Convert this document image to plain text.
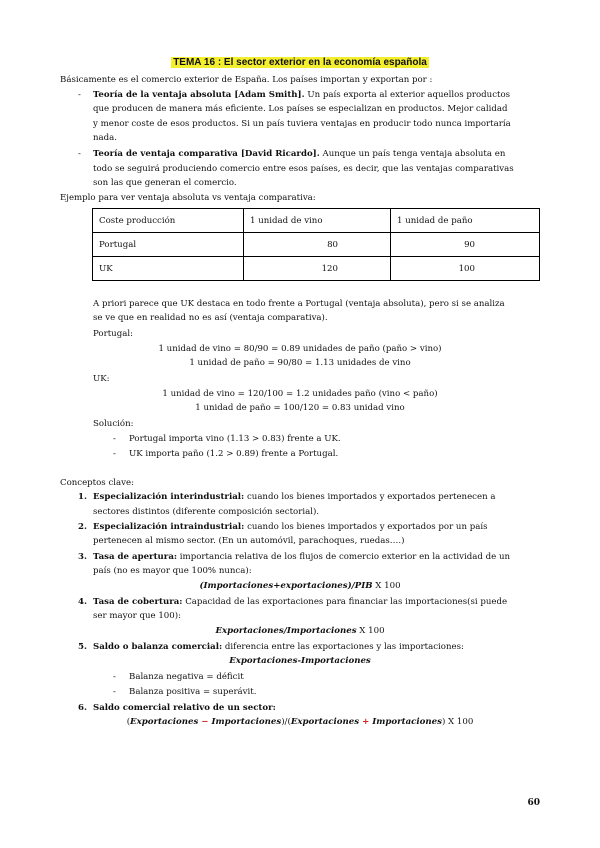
TEMA 16 : El sector exterior en la economía española
Básicamente es el comercio exterior de España. Los países importan y exportan por :
- Teoría de la ventaja absoluta [Adam Smith]. Un país exporta al exterior aquellos productos
que producen de manera más eficiente. Los países se especializan en productos. Mejor calidad
y menor coste de esos productos. Si un país tuviera ventajas en producir todo nunca importaría
nada.
- Teoría de ventaja comparativa [David Ricardo]. Aunque un país tenga ventaja absoluta en
todo se seguirá produciendo comercio entre esos países, es decir, que las ventajas comparativas
son las que generan el comercio.
Ejemplo para ver ventaja absoluta vs ventaja comparativa:
Coste producción	1 unidad de vino	1 unidad de paño
Portugal	80	90
UK	120	100
A priori parece que UK destaca en todo frente a Portugal (ventaja absoluta), pero si se analiza
se ve que en realidad no es así (ventaja comparativa).
Portugal:
1 unidad de vino = 80/90 = 0.89 unidades de paño (paño > vino)
1 unidad de paño = 90/80 = 1.13 unidades de vino
UK:
1 unidad de vino = 120/100 = 1.2 unidades paño (vino < paño)
1 unidad de paño = 100/120 = 0.83 unidad vino
Solución:
- Portugal importa vino (1.13 > 0.83) frente a UK.
- UK importa paño (1.2 > 0.89) frente a Portugal.
Conceptos clave:
1. Especialización interindustrial: cuando los bienes importados y exportados pertenecen a
sectores distintos (diferente composición sectorial).
2. Especialización intraindustrial: cuando los bienes importados y exportados por un país
pertenecen al mismo sector. (En un automóvil, parachoques, ruedas….)
3. Tasa de apertura: importancia relativa de los flujos de comercio exterior en la actividad de un
país (no es mayor que 100% nunca):
(Importaciones+exportaciones)/PIB X 100
4. Tasa de cobertura: Capacidad de las exportaciones para financiar las importaciones(si puede
ser mayor que 100):
Exportaciones/Importaciones X 100
5. Saldo o balanza comercial: diferencia entre las exportaciones y las importaciones:
Exportaciones-Importaciones
- Balanza negativa = déficit
- Balanza positiva = superávit.
6. Saldo comercial relativo de un sector:
(Exportaciones − Importaciones)/(Exportaciones + Importaciones) X 100
60
